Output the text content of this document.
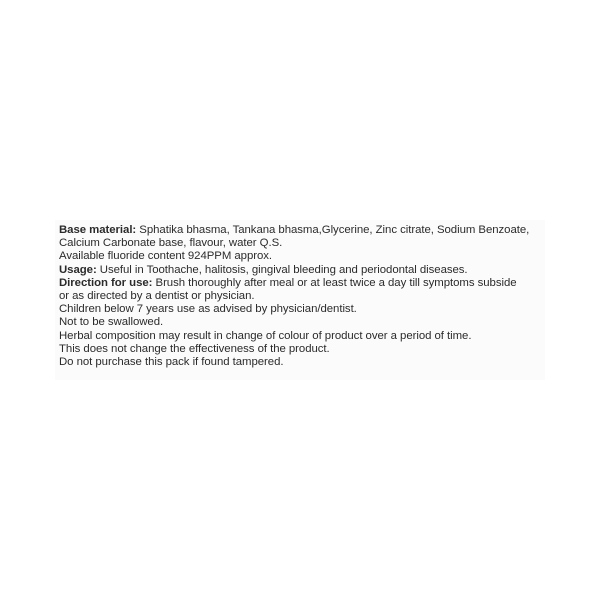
Base material: Sphatika bhasma, Tankana bhasma,Glycerine, Zinc citrate, Sodium Benzoate,
Calcium Carbonate base, flavour, water Q.S.
Available fluoride content 924PPM approx.
Usage: Useful in Toothache, halitosis, gingival bleeding and periodontal diseases.
Direction for use: Brush thoroughly after meal or at least twice a day till symptoms subside
or as directed by a dentist or physician.
Children below 7 years use as advised by physician/dentist.
Not to be swallowed.
Herbal composition may result in change of colour of product over a period of time.
This does not change the effectiveness of the product.
Do not purchase this pack if found tampered.
